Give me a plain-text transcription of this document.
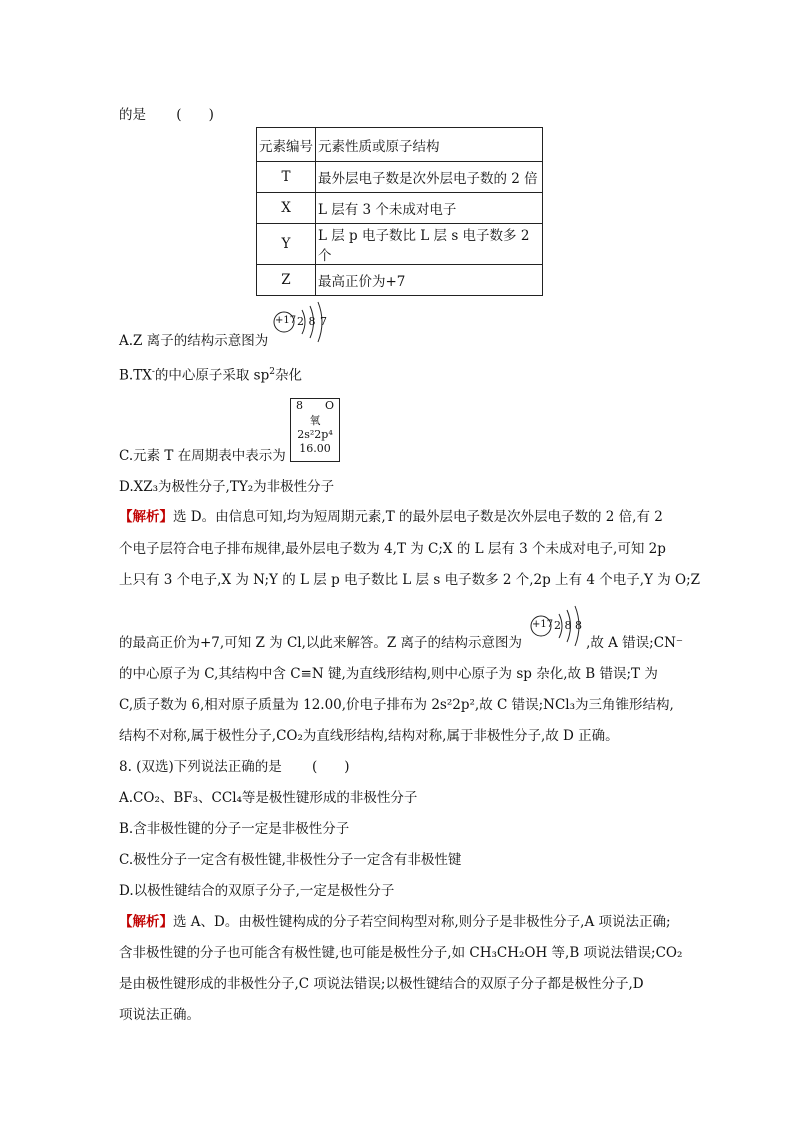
的是 (　　)
元素编号	元素性质或原子结构
T	最外层电子数是次外层电子数的 2 倍
X	L 层有 3 个未成对电子
Y	L 层 p 电子数比 L 层 s 电子数多 2 个
Z	最高正价为+7
+17 2 8 7
A.Z 离子的结构示意图为
B.TX-的中心原子采取 $sp^2$杂化
8 O
氧
2s²2p⁴
16.00
C.元素 T 在周期表中表示为
D.XZ₃为极性分子,TY₂为非极性分子
【解析】选 D。由信息可知,均为短周期元素,T 的最外层电子数是次外层电子数的 2 倍,有 2
个电子层符合电子排布规律,最外层电子数为 4,T 为 C;X 的 L 层有 3 个未成对电子,可知 2p
上只有 3 个电子,X 为 N;Y 的 L 层 p 电子数比 L 层 s 电子数多 2 个,2p 上有 4 个电子,Y 为 O;Z
+17 2 8 8
的最高正价为+7,可知 Z 为 Cl,以此来解答。Z 离子的结构示意图为	,故 A 错误;CN⁻
的中心原子为 C,其结构中含 C≡N 键,为直线形结构,则中心原子为 sp 杂化,故 B 错误;T 为
C,质子数为 6,相对原子质量为 12.00,价电子排布为 2s²2p²,故 C 错误;NCl₃为三角锥形结构,
结构不对称,属于极性分子,CO₂为直线形结构,结构对称,属于非极性分子,故 D 正确。
8. (双选)下列说法正确的是 (　　)
A.CO₂、BF₃、CCl₄等是极性键形成的非极性分子
B.含非极性键的分子一定是非极性分子
C.极性分子一定含有极性键,非极性分子一定含有非极性键
D.以极性键结合的双原子分子,一定是极性分子
【解析】选 A、D。由极性键构成的分子若空间构型对称,则分子是非极性分子,A 项说法正确;
含非极性键的分子也可能含有极性键,也可能是极性分子,如 CH₃CH₂OH 等,B 项说法错误;CO₂
是由极性键形成的非极性分子,C 项说法错误;以极性键结合的双原子分子都是极性分子,D
项说法正确。
